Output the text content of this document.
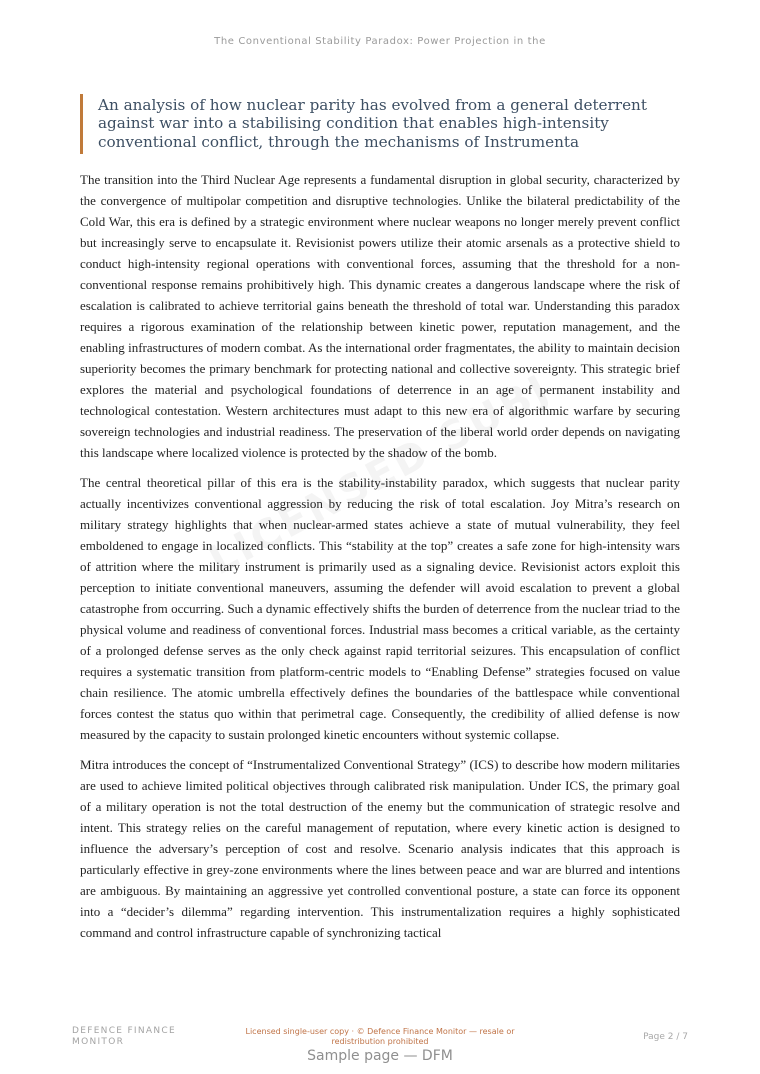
The Conventional Stability Paradox: Power Projection in the

An analysis of how nuclear parity has evolved from a general deterrent against war into a stabilising condition that enables high-intensity conventional conflict, through the mechanisms of Instrumenta

The transition into the Third Nuclear Age represents a fundamental disruption in global security, characterized by the convergence of multipolar competition and disruptive technologies. Unlike the bilateral predictability of the Cold War, this era is defined by a strategic environment where nuclear weapons no longer merely prevent conflict but increasingly serve to encapsulate it. Revisionist powers utilize their atomic arsenals as a protective shield to conduct high-intensity regional operations with conventional forces, assuming that the threshold for a non-conventional response remains prohibitively high. This dynamic creates a dangerous landscape where the risk of escalation is calibrated to achieve territorial gains beneath the threshold of total war. Understanding this paradox requires a rigorous examination of the relationship between kinetic power, reputation management, and the enabling infrastructures of modern combat. As the international order fragmentates, the ability to maintain decision superiority becomes the primary benchmark for protecting national and collective sovereignty. This strategic brief explores the material and psychological foundations of deterrence in an age of permanent instability and technological contestation. Western architectures must adapt to this new era of algorithmic warfare by securing sovereign technologies and industrial readiness. The preservation of the liberal world order depends on navigating this landscape where localized violence is protected by the shadow of the bomb.

The central theoretical pillar of this era is the stability-instability paradox, which suggests that nuclear parity actually incentivizes conventional aggression by reducing the risk of total escalation. Joy Mitra’s research on military strategy highlights that when nuclear-armed states achieve a state of mutual vulnerability, they feel emboldened to engage in localized conflicts. This “stability at the top” creates a safe zone for high-intensity wars of attrition where the military instrument is primarily used as a signaling device. Revisionist actors exploit this perception to initiate conventional maneuvers, assuming the defender will avoid escalation to prevent a global catastrophe from occurring. Such a dynamic effectively shifts the burden of deterrence from the nuclear triad to the physical volume and readiness of conventional forces. Industrial mass becomes a critical variable, as the certainty of a prolonged defense serves as the only check against rapid territorial seizures. This encapsulation of conflict requires a systematic transition from platform-centric models to “Enabling Defense” strategies focused on value chain resilience. The atomic umbrella effectively defines the boundaries of the battlespace while conventional forces contest the status quo within that perimetral cage. Consequently, the credibility of allied defense is now measured by the capacity to sustain prolonged kinetic encounters without systemic collapse.

Mitra introduces the concept of “Instrumentalized Conventional Strategy” (ICS) to describe how modern militaries are used to achieve limited political objectives through calibrated risk manipulation. Under ICS, the primary goal of a military operation is not the total destruction of the enemy but the communication of strategic resolve and intent. This strategy relies on the careful management of reputation, where every kinetic action is designed to influence the adversary’s perception of cost and resolve. Scenario analysis indicates that this approach is particularly effective in grey-zone environments where the lines between peace and war are blurred and intentions are ambiguous. By maintaining an aggressive yet controlled conventional posture, a state can force its opponent into a “decider’s dilemma” regarding intervention. This instrumentalization requires a highly sophisticated command and control infrastructure capable of synchronizing tactical

DEFENCE FINANCE MONITOR
Licensed single-user copy · © Defence Finance Monitor — resale or redistribution prohibited	Page 2 / 7
Sample page — DFM
